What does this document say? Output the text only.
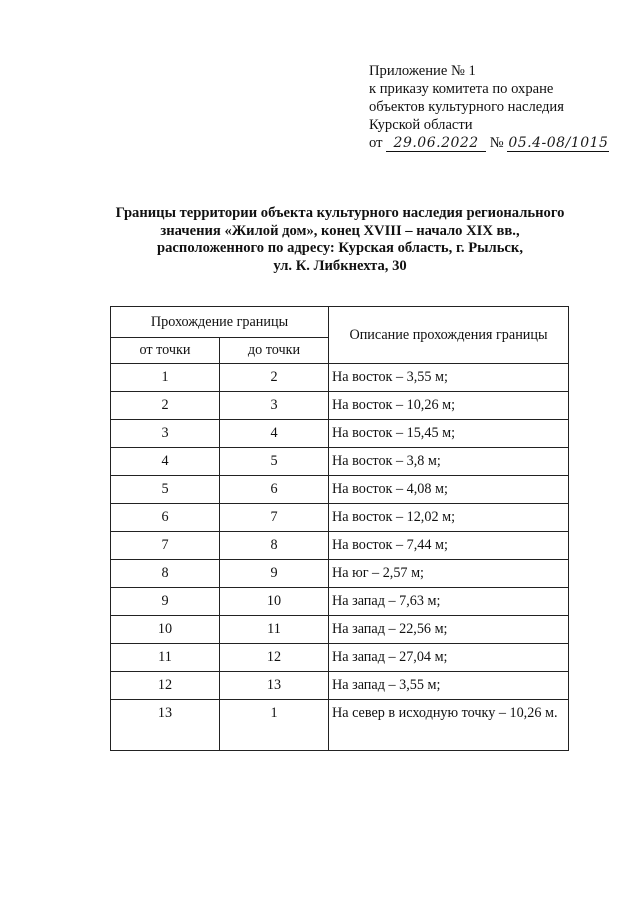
Приложение № 1
к приказу комитета по охране
объектов культурного наследия
Курской области
от 29.06.2022 № 05.4-08/1015
Границы территории объекта культурного наследия регионального
значения «Жилой дом», конец XVIII – начало XIX вв.,
расположенного по адресу: Курская область, г. Рыльск,
ул. К. Либкнехта, 30
Прохождение границы		Описание прохождения границы
от точки	до точки	
1	2	На восток – 3,55 м;
2	3	На восток – 10,26 м;
3	4	На восток – 15,45 м;
4	5	На восток – 3,8 м;
5	6	На восток – 4,08 м;
6	7	На восток – 12,02 м;
7	8	На восток – 7,44 м;
8	9	На юг – 2,57 м;
9	10	На запад – 7,63 м;
10	11	На запад – 22,56 м;
11	12	На запад – 27,04 м;
12	13	На запад – 3,55 м;
13	1	На север в исходную точку – 10,26 м.
